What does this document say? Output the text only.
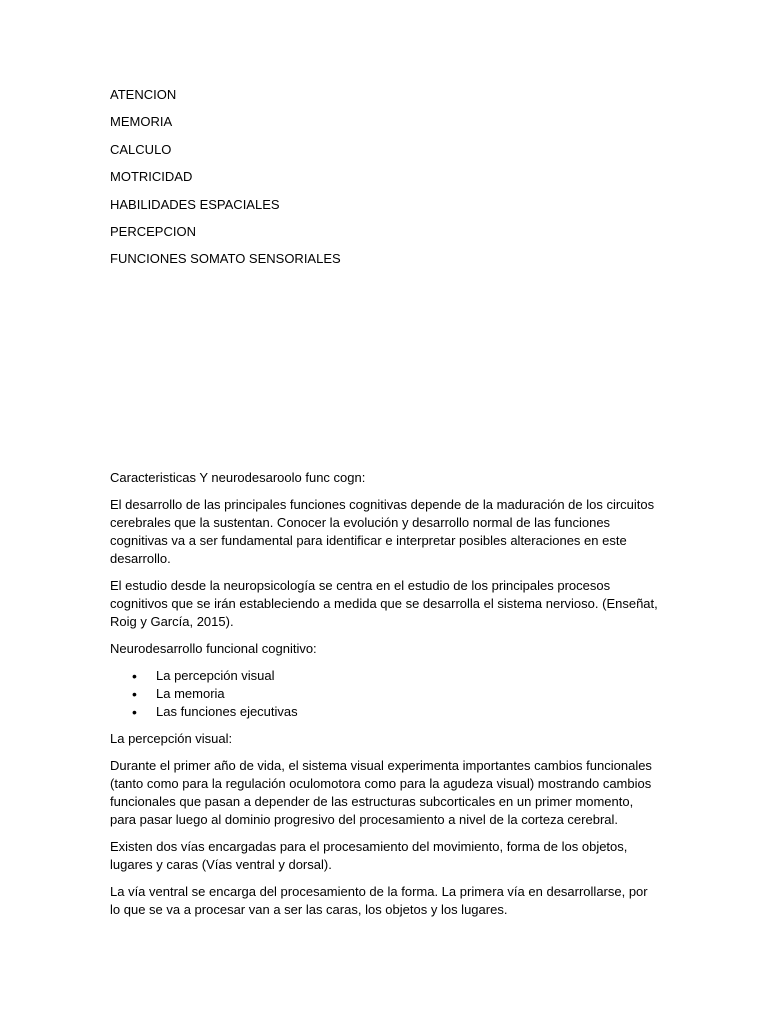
ATENCION
MEMORIA
CALCULO
MOTRICIDAD
HABILIDADES ESPACIALES
PERCEPCION
FUNCIONES SOMATO SENSORIALES

Caracteristicas Y neurodesaroolo func cogn:

El desarrollo de las principales funciones cognitivas depende de la maduración de los circuitos cerebrales que la sustentan. Conocer la evolución y desarrollo normal de las funciones cognitivas va a ser fundamental para identificar e interpretar posibles alteraciones en este desarrollo.

El estudio desde la neuropsicología se centra en el estudio de los principales procesos cognitivos que se irán estableciendo a medida que se desarrolla el sistema nervioso. (Enseñat, Roig y García, 2015).

Neurodesarrollo funcional cognitivo:

• La percepción visual
• La memoria
• Las funciones ejecutivas

La percepción visual:

Durante el primer año de vida, el sistema visual experimenta importantes cambios funcionales (tanto como para la regulación oculomotora como para la agudeza visual) mostrando cambios funcionales que pasan a depender de las estructuras subcorticales en un primer momento, para pasar luego al dominio progresivo del procesamiento a nivel de la corteza cerebral.

Existen dos vías encargadas para el procesamiento del movimiento, forma de los objetos, lugares y caras (Vías ventral y dorsal).

La vía ventral se encarga del procesamiento de la forma. La primera vía en desarrollarse, por lo que se va a procesar van a ser las caras, los objetos y los lugares.
